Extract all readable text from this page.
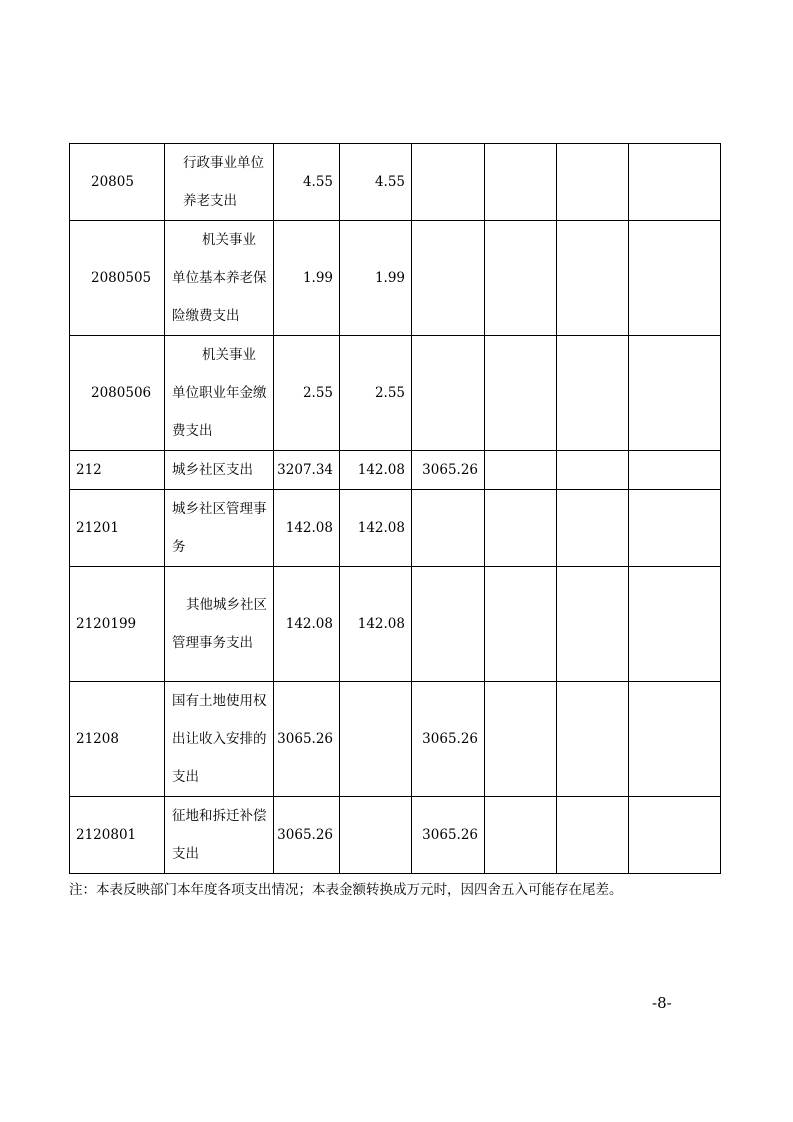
20805	行政事业单位养老支出	4.55	4.55				
2080505	机关事业单位基本养老保险缴费支出	1.99	1.99				
2080506	机关事业单位职业年金缴费支出	2.55	2.55				
212	城乡社区支出	3207.34	142.08	3065.26			
21201	城乡社区管理事务	142.08	142.08				
2120199	其他城乡社区管理事务支出	142.08	142.08				
21208	国有土地使用权出让收入安排的支出	3065.26		3065.26			
2120801	征地和拆迁补偿支出	3065.26		3065.26			
注：本表反映部门本年度各项支出情况；本表金额转换成万元时，因四舍五入可能存在尾差。
-8-
